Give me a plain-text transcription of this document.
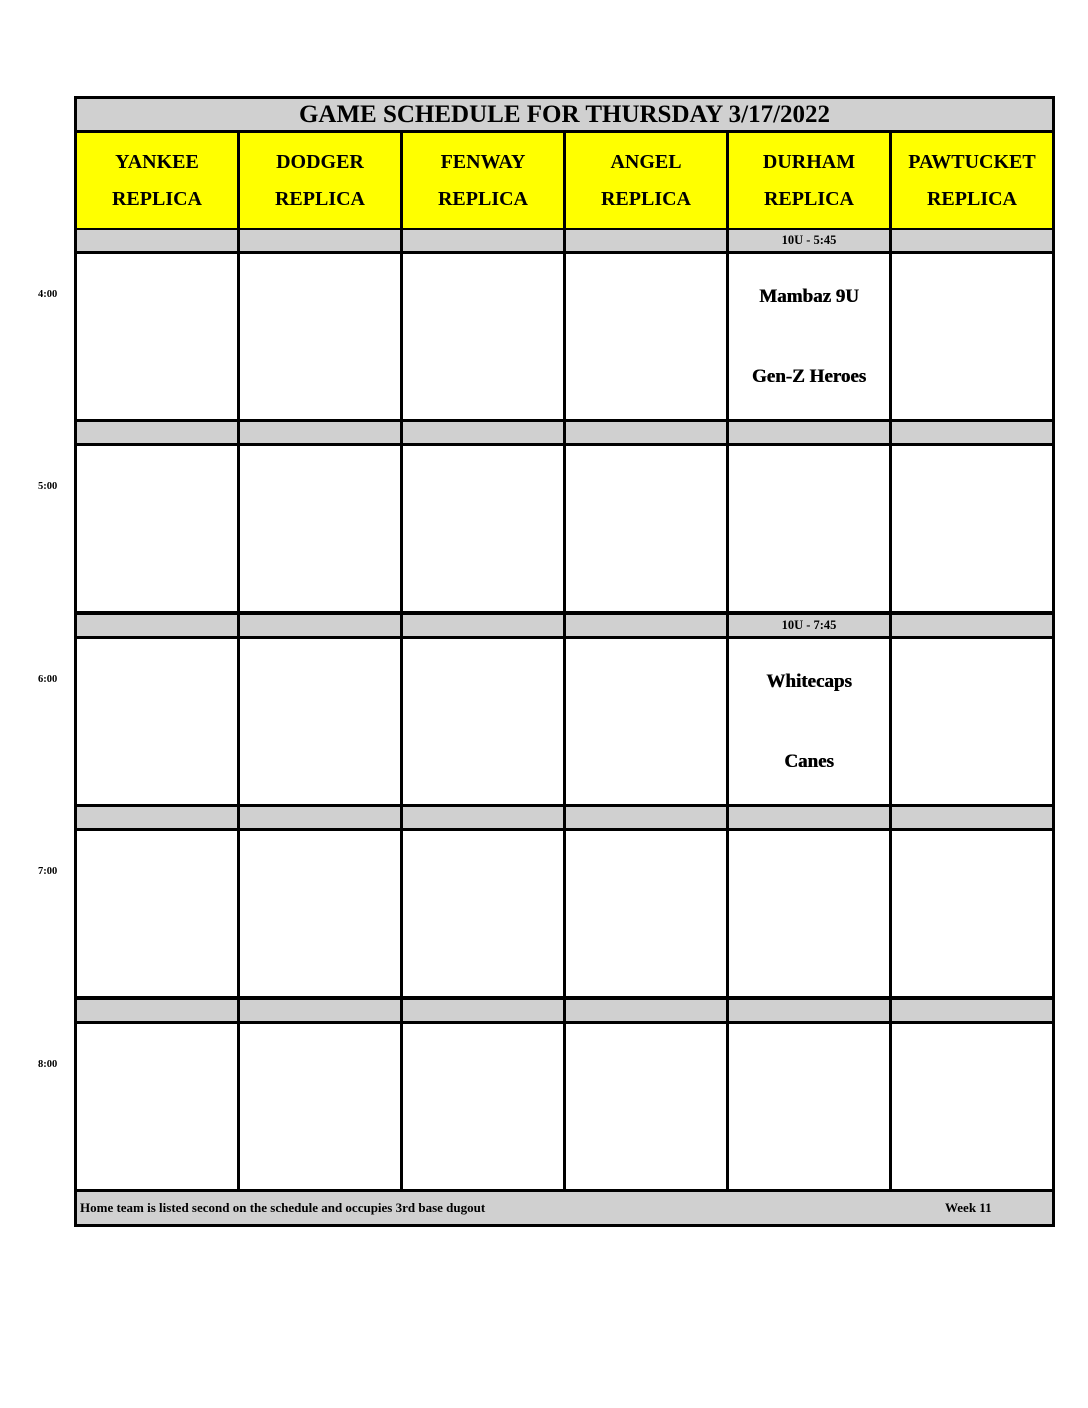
GAME SCHEDULE FOR THURSDAY 3/17/2022
Home team is listed second on the schedule and occupies 3rd base dugout	Week 11
YANKEE
REPLICA
DODGER
REPLICA
FENWAY
REPLICA
ANGEL
REPLICA
DURHAM
REPLICA
PAWTUCKET
REPLICA
10U - 5:45
Mambaz 9U
Gen-Z Heroes
10U - 7:45
Whitecaps
Canes
4:00
5:00
6:00
7:00
8:00
